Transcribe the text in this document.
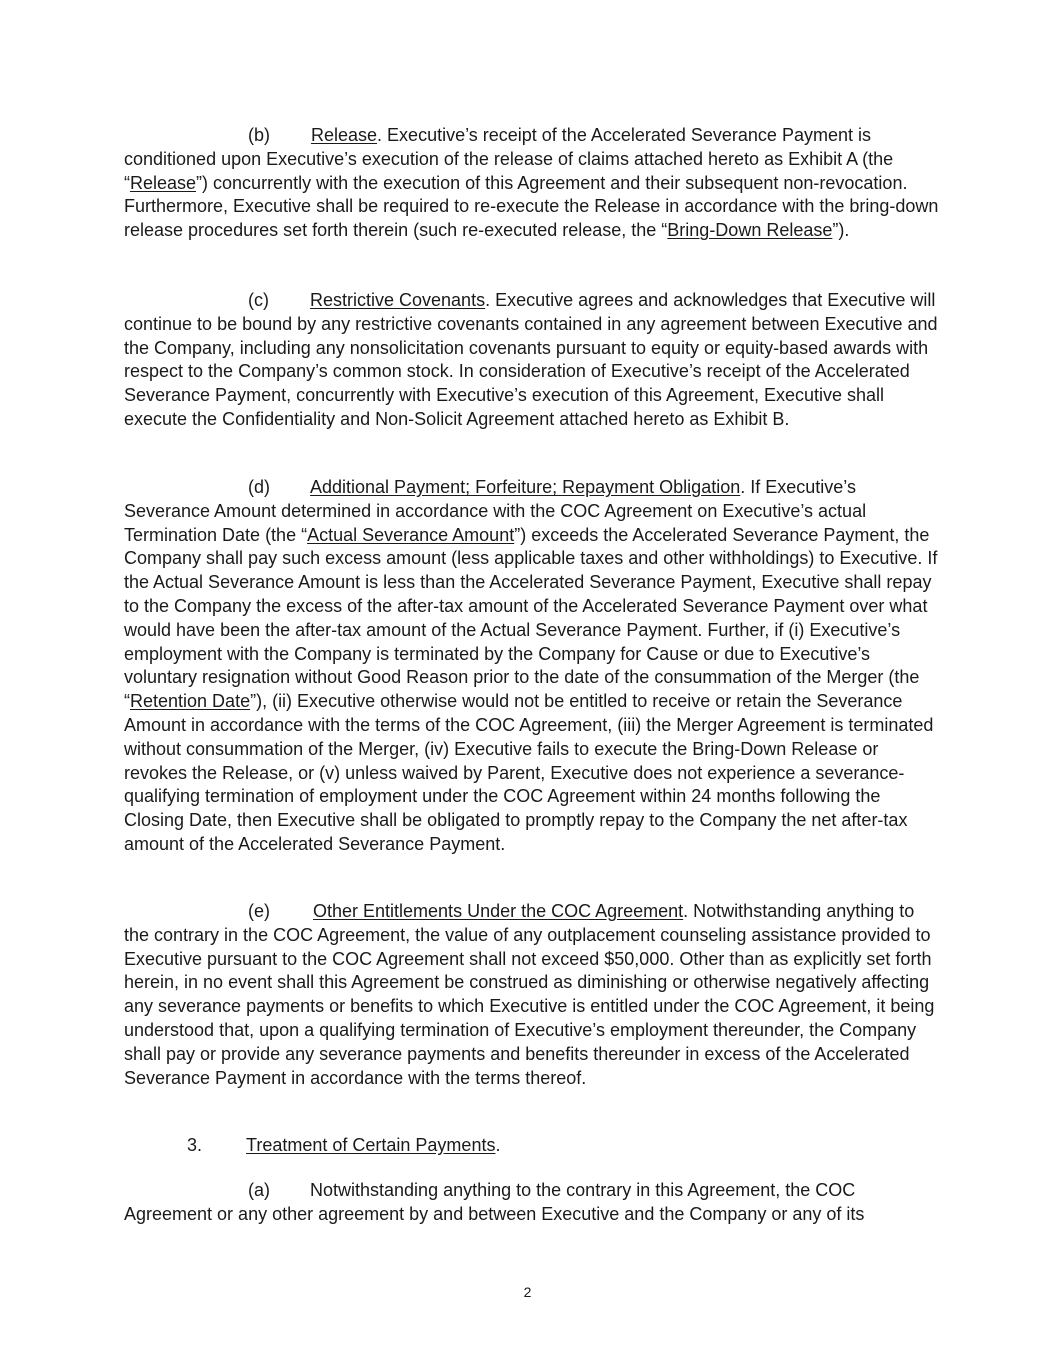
(b) Release. Executive’s receipt of the Accelerated Severance Payment is conditioned upon Executive’s execution of the release of claims attached hereto as Exhibit A (the “Release”) concurrently with the execution of this Agreement and their subsequent non-revocation. Furthermore, Executive shall be required to re-execute the Release in accordance with the bring-down release procedures set forth therein (such re-executed release, the “Bring-Down Release”).

(c) Restrictive Covenants. Executive agrees and acknowledges that Executive will continue to be bound by any restrictive covenants contained in any agreement between Executive and the Company, including any nonsolicitation covenants pursuant to equity or equity-based awards with respect to the Company’s common stock. In consideration of Executive’s receipt of the Accelerated Severance Payment, concurrently with Executive’s execution of this Agreement, Executive shall execute the Confidentiality and Non-Solicit Agreement attached hereto as Exhibit B.

(d) Additional Payment; Forfeiture; Repayment Obligation. If Executive’s Severance Amount determined in accordance with the COC Agreement on Executive’s actual Termination Date (the “Actual Severance Amount”) exceeds the Accelerated Severance Payment, the Company shall pay such excess amount (less applicable taxes and other withholdings) to Executive. If the Actual Severance Amount is less than the Accelerated Severance Payment, Executive shall repay to the Company the excess of the after-tax amount of the Accelerated Severance Payment over what would have been the after-tax amount of the Actual Severance Payment. Further, if (i) Executive’s employment with the Company is terminated by the Company for Cause or due to Executive’s voluntary resignation without Good Reason prior to the date of the consummation of the Merger (the “Retention Date”), (ii) Executive otherwise would not be entitled to receive or retain the Severance Amount in accordance with the terms of the COC Agreement, (iii) the Merger Agreement is terminated without consummation of the Merger, (iv) Executive fails to execute the Bring-Down Release or revokes the Release, or (v) unless waived by Parent, Executive does not experience a severance-qualifying termination of employment under the COC Agreement within 24 months following the Closing Date, then Executive shall be obligated to promptly repay to the Company the net after-tax amount of the Accelerated Severance Payment.

(e) Other Entitlements Under the COC Agreement. Notwithstanding anything to the contrary in the COC Agreement, the value of any outplacement counseling assistance provided to Executive pursuant to the COC Agreement shall not exceed $50,000. Other than as explicitly set forth herein, in no event shall this Agreement be construed as diminishing or otherwise negatively affecting any severance payments or benefits to which Executive is entitled under the COC Agreement, it being understood that, upon a qualifying termination of Executive’s employment thereunder, the Company shall pay or provide any severance payments and benefits thereunder in excess of the Accelerated Severance Payment in accordance with the terms thereof.

3. Treatment of Certain Payments.

(a) Notwithstanding anything to the contrary in this Agreement, the COC Agreement or any other agreement by and between Executive and the Company or any of its

2
